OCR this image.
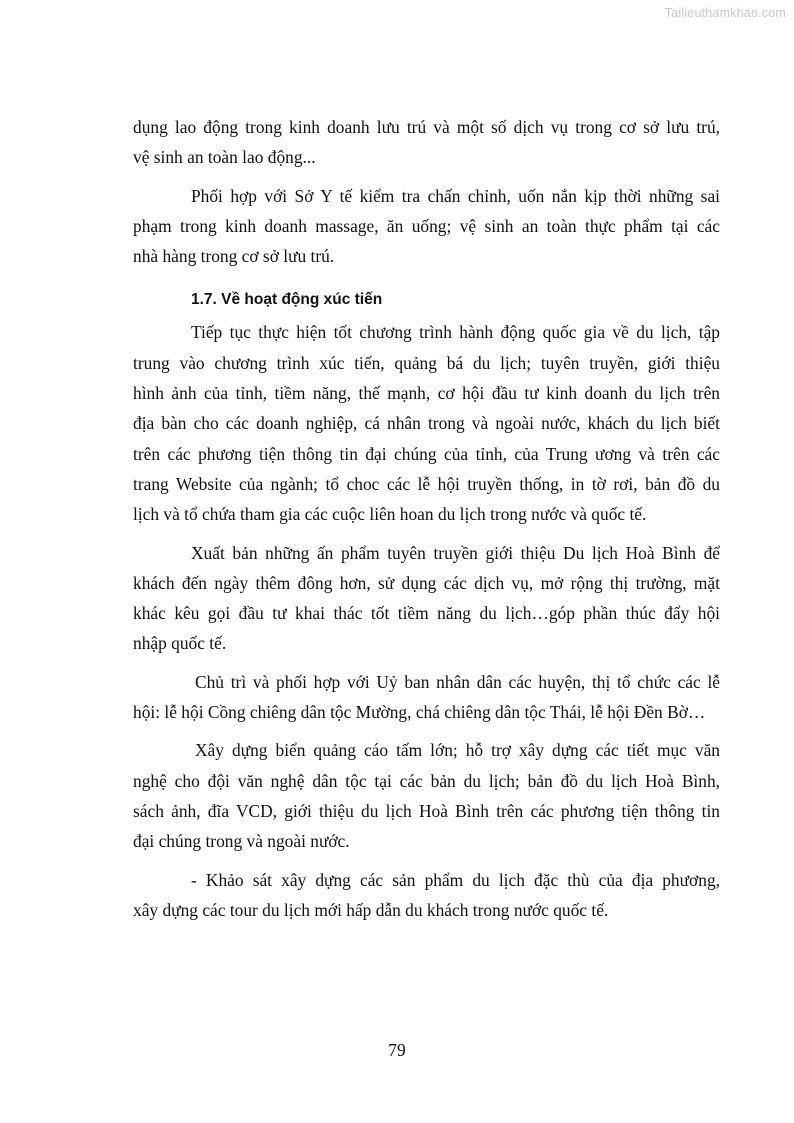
Tailieuthamkhao.com
dụng lao động trong kinh doanh lưu trú và một số dịch vụ trong cơ sở lưu trú,
vệ sinh an toàn lao động...
Phối hợp với Sở Y tế kiểm tra chấn chỉnh, uốn nắn kịp thời những sai
phạm trong kinh doanh massage, ăn uống; vệ sinh an toàn thực phẩm tại các
nhà hàng trong cơ sở lưu trú.
1.7. Về hoạt động xúc tiến
Tiếp tục thực hiện tốt chương trình hành động quốc gia về du lịch, tập
trung vào chương trình xúc tiến, quảng bá du lịch; tuyên truyền, giới thiệu
hình ảnh của tỉnh, tiềm năng, thế mạnh, cơ hội đầu tư kinh doanh du lịch trên
địa bàn cho các doanh nghiệp, cá nhân trong và ngoài nước, khách du lịch biết
trên các phương tiện thông tin đại chúng của tỉnh, của Trung ương và trên các
trang Website của ngành; tổ choc các lễ hội truyền thống, in tờ rơi, bản đồ du
lịch và tổ chứa tham gia các cuộc liên hoan du lịch trong nước và quốc tế.
Xuất bản những ấn phẩm tuyên truyền giới thiệu Du lịch Hoà Bình để
khách đến ngày thêm đông hơn, sử dụng các dịch vụ, mở rộng thị trường, mặt
khác kêu gọi đầu tư khai thác tốt tiềm năng du lịch…góp phần thúc đẩy hội
nhập quốc tế.
Chủ trì và phối hợp với Uỷ ban nhân dân các huyện, thị tổ chức các lễ
hội: lễ hội Cồng chiêng dân tộc Mường, chá chiêng dân tộc Thái, lễ hội Đền Bờ…
Xây dựng biển quảng cáo tấm lớn; hỗ trợ xây dựng các tiết mục văn
nghệ cho đội văn nghệ dân tộc tại các bản du lịch; bản đồ du lịch Hoà Bình,
sách ảnh, đĩa VCD, giới thiệu du lịch Hoà Bình trên các phương tiện thông tin
đại chúng trong và ngoài nước.
- Khảo sát xây dựng các sản phẩm du lịch đặc thù của địa phương,
xây dựng các tour du lịch mới hấp dẫn du khách trong nước quốc tế.
79
